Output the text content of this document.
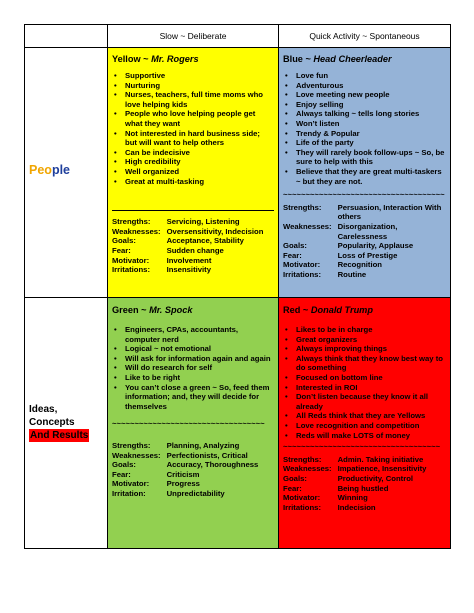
Slow ~ Deliberate	Quick Activity ~ Spontaneous
People
Ideas,
Concepts
And Results
Yellow ~ Mr. Rogers
• Supportive
• Nurturing
• Nurses, teachers, full time moms who love helping kids
• People who love helping people get what they want
• Not interested in hard business side; but will want to help others
• Can be indecisive
• High credibility
• Well organized
• Great at multi-tasking
Strengths:	Servicing, Listening
Weaknesses:	Oversensitivity, Indecision
Goals:	Acceptance, Stability
Fear:	Sudden change
Motivator:	Involvement
Irritations:	Insensitivity
Blue ~ Head Cheerleader
• Love fun
• Adventurous
• Love meeting new people
• Enjoy selling
• Always talking ~ tells long stories
• Won’t listen
• Trendy & Popular
• Life of the party
• They will rarely book follow-ups ~ So, be sure to help with this
• Believe that they are great multi-taskers ~ but they are not.
~~~~~~~~~~~~~~~~~~~~~~~~~~~~~~~~~~~~
Strengths:	Persuasion, Interaction With others
Weaknesses:	Disorganization, Carelessness
Goals:	Popularity, Applause
Fear:	Loss of Prestige
Motivator:	Recognition
Irritations:	Routine
Green ~ Mr. Spock
• Engineers, CPAs, accountants, computer nerd
• Logical ~ not emotional
• Will ask for information again and again
• Will do research for self
• Like to be right
• You can’t close a green ~ So, feed them information; and, they will decide for themselves
~~~~~~~~~~~~~~~~~~~~~~~~~~~~~~~~~~
Strengths:	Planning, Analyzing
Weaknesses:	Perfectionists, Critical
Goals:	Accuracy, Thoroughness
Fear:	Criticism
Motivator:	Progress
Irritation:	Unpredictability
Red ~ Donald Trump
• Likes to be in charge
• Great organizers
• Always improving things
• Always think that they know best way to do something
• Focused on bottom line
• Interested in ROI
• Don’t listen because they know it all already
• All Reds think that they are Yellows
• Love recognition and competition
• Reds will make LOTS of money
~~~~~~~~~~~~~~~~~~~~~~~~~~~~~~~~~~~
Strengths:	Admin. Taking initiative
Weaknesses:	Impatience, Insensitivity
Goals:	Productivity, Control
Fear:	Being hustled
Motivator:	Winning
Irritations:	Indecision
